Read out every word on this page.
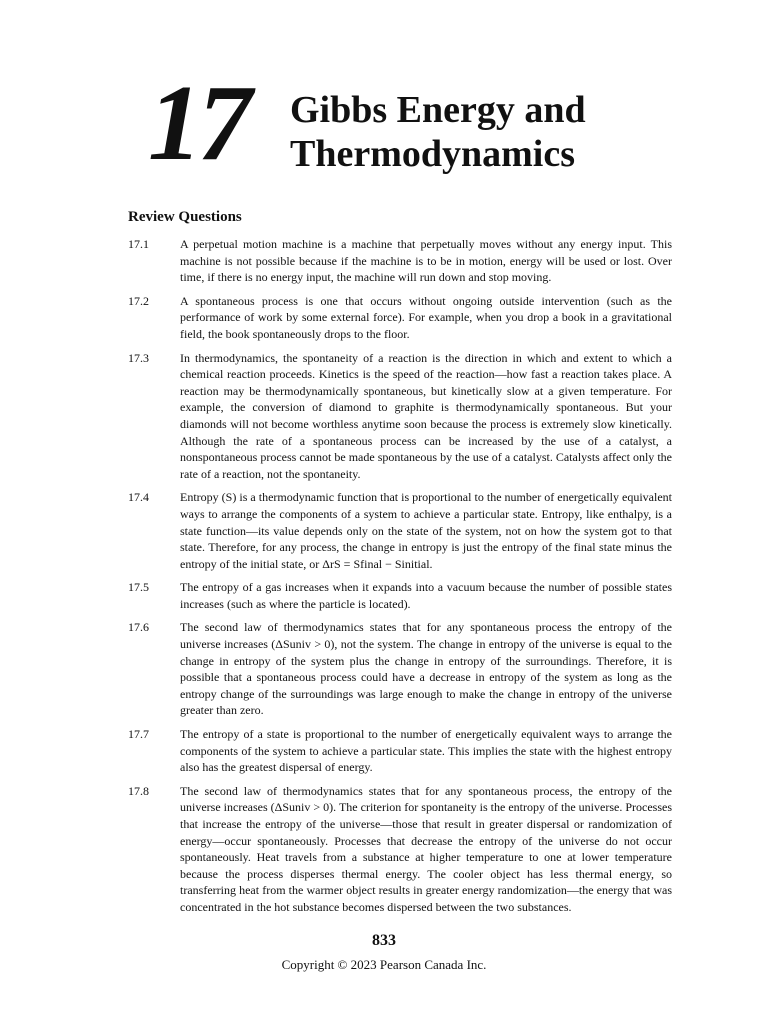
17 Gibbs Energy and
Thermodynamics
Review Questions
17.1	A perpetual motion machine is a machine that perpetually moves without any energy input. This machine is not possible because if the machine is to be in motion, energy will be used or lost. Over time, if there is no energy input, the machine will run down and stop moving.
17.2	A spontaneous process is one that occurs without ongoing outside intervention (such as the performance of work by some external force). For example, when you drop a book in a gravitational field, the book spontaneously drops to the floor.
17.3	In thermodynamics, the spontaneity of a reaction is the direction in which and extent to which a chemical reaction proceeds. Kinetics is the speed of the reaction—how fast a reaction takes place. A reaction may be thermodynamically spontaneous, but kinetically slow at a given temperature. For example, the conversion of diamond to graphite is thermodynamically spontaneous. But your diamonds will not become worthless anytime soon because the process is extremely slow kinetically. Although the rate of a spontaneous process can be increased by the use of a catalyst, a nonspontaneous process cannot be made spontaneous by the use of a catalyst. Catalysts affect only the rate of a reaction, not the spontaneity.
17.4	Entropy (S) is a thermodynamic function that is proportional to the number of energetically equivalent ways to arrange the components of a system to achieve a particular state. Entropy, like enthalpy, is a state function—its value depends only on the state of the system, not on how the system got to that state. Therefore, for any process, the change in entropy is just the entropy of the final state minus the entropy of the initial state, or ΔrS = Sfinal − Sinitial.
17.5	The entropy of a gas increases when it expands into a vacuum because the number of possible states increases (such as where the particle is located).
17.6	The second law of thermodynamics states that for any spontaneous process the entropy of the universe increases (ΔSuniv > 0), not the system. The change in entropy of the universe is equal to the change in entropy of the system plus the change in entropy of the surroundings. Therefore, it is possible that a spontaneous process could have a decrease in entropy of the system as long as the entropy change of the surroundings was large enough to make the change in entropy of the universe greater than zero.
17.7	The entropy of a state is proportional to the number of energetically equivalent ways to arrange the components of the system to achieve a particular state. This implies the state with the highest entropy also has the greatest dispersal of energy.
17.8	The second law of thermodynamics states that for any spontaneous process, the entropy of the universe increases (ΔSuniv > 0). The criterion for spontaneity is the entropy of the universe. Processes that increase the entropy of the universe—those that result in greater dispersal or randomization of energy—occur spontaneously. Processes that decrease the entropy of the universe do not occur spontaneously. Heat travels from a substance at higher temperature to one at lower temperature because the process disperses thermal energy. The cooler object has less thermal energy, so transferring heat from the warmer object results in greater energy randomization—the energy that was concentrated in the hot substance becomes dispersed between the two substances.
833
Copyright © 2023 Pearson Canada Inc.
